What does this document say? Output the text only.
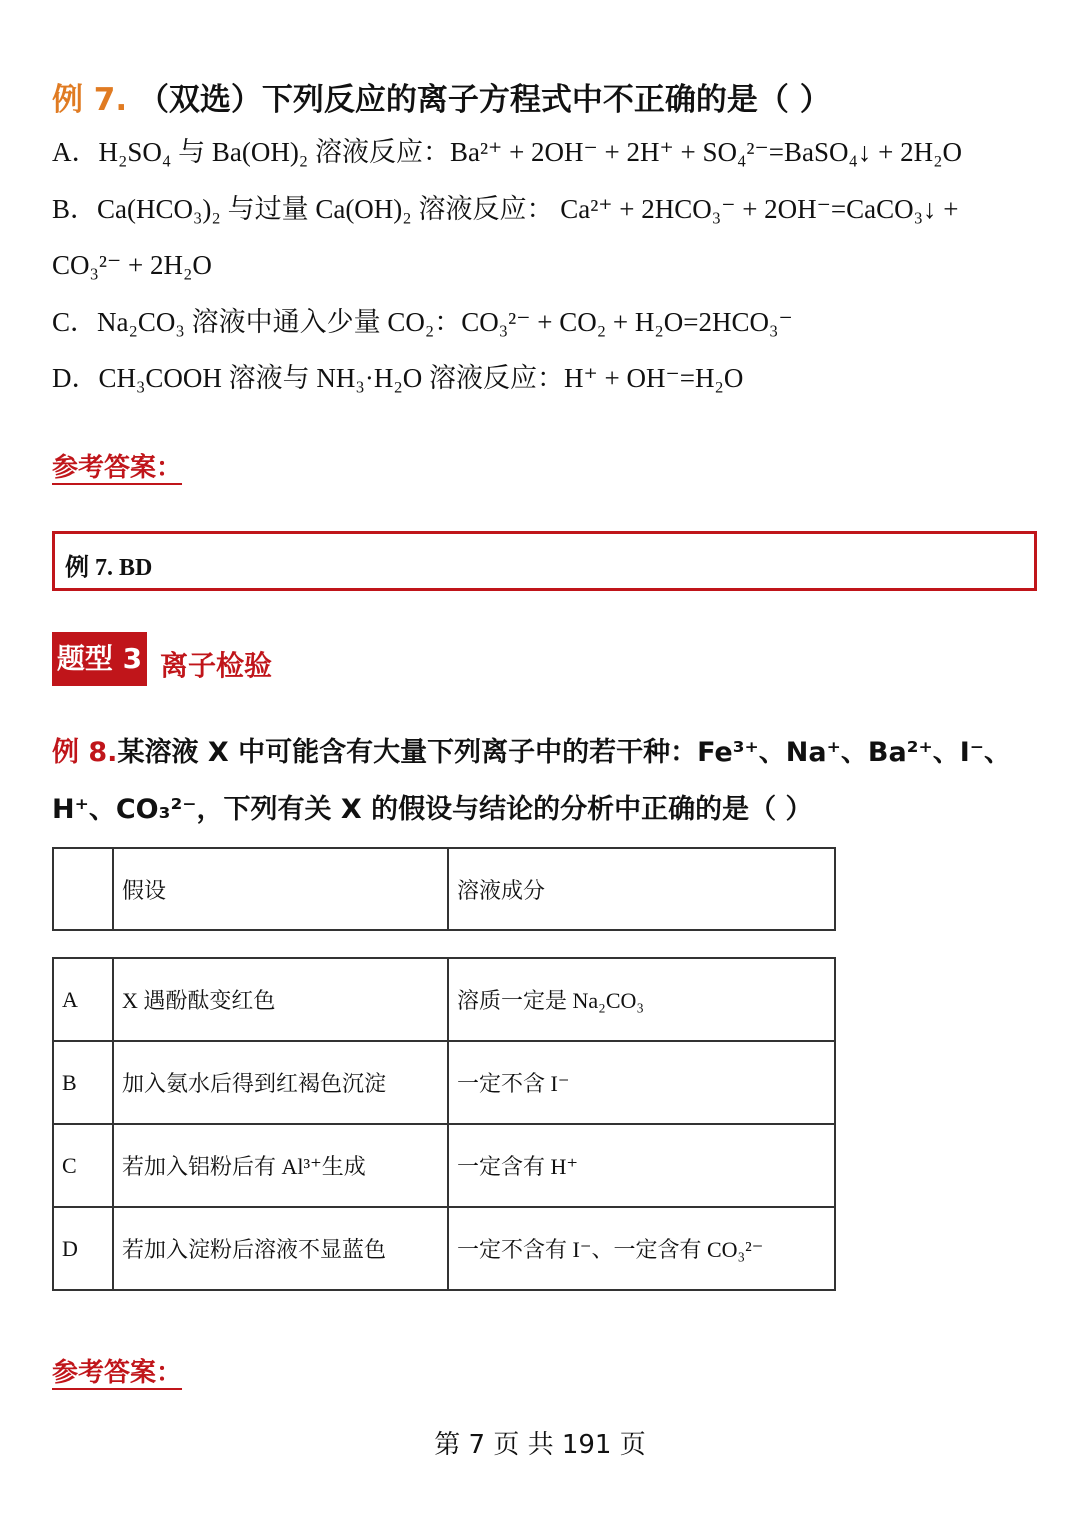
例 7. （双选）下列反应的离子方程式中不正确的是（ ）
A．H₂SO₄ 与 Ba(OH)₂ 溶液反应：Ba²⁺ + 2OH⁻ + 2H⁺ + SO₄²⁻=BaSO₄↓ + 2H₂O
B．Ca(HCO₃)₂ 与过量 Ca(OH)₂ 溶液反应： Ca²⁺ + 2HCO₃⁻ + 2OH⁻=CaCO₃↓ +
CO₃²⁻ + 2H₂O
C．Na₂CO₃ 溶液中通入少量 CO₂：CO₃²⁻ + CO₂ + H₂O=2HCO₃⁻
D．CH₃COOH 溶液与 NH₃·H₂O 溶液反应：H⁺ + OH⁻=H₂O
参考答案：
例 7. BD
题型 3 离子检验
例 8.某溶液 X 中可能含有大量下列离子中的若干种：Fe³⁺、Na⁺、Ba²⁺、I⁻、
H⁺、CO₃²⁻，下列有关 X 的假设与结论的分析中正确的是（ ）
	假设	溶液成分
A	X 遇酚酞变红色	溶质一定是 Na₂CO₃
B	加入氨水后得到红褐色沉淀	一定不含 I⁻
C	若加入铝粉后有 Al³⁺生成	一定含有 H⁺
D	若加入淀粉后溶液不显蓝色	一定不含有 I⁻、一定含有 CO₃²⁻
参考答案：
第 7 页 共 191 页
